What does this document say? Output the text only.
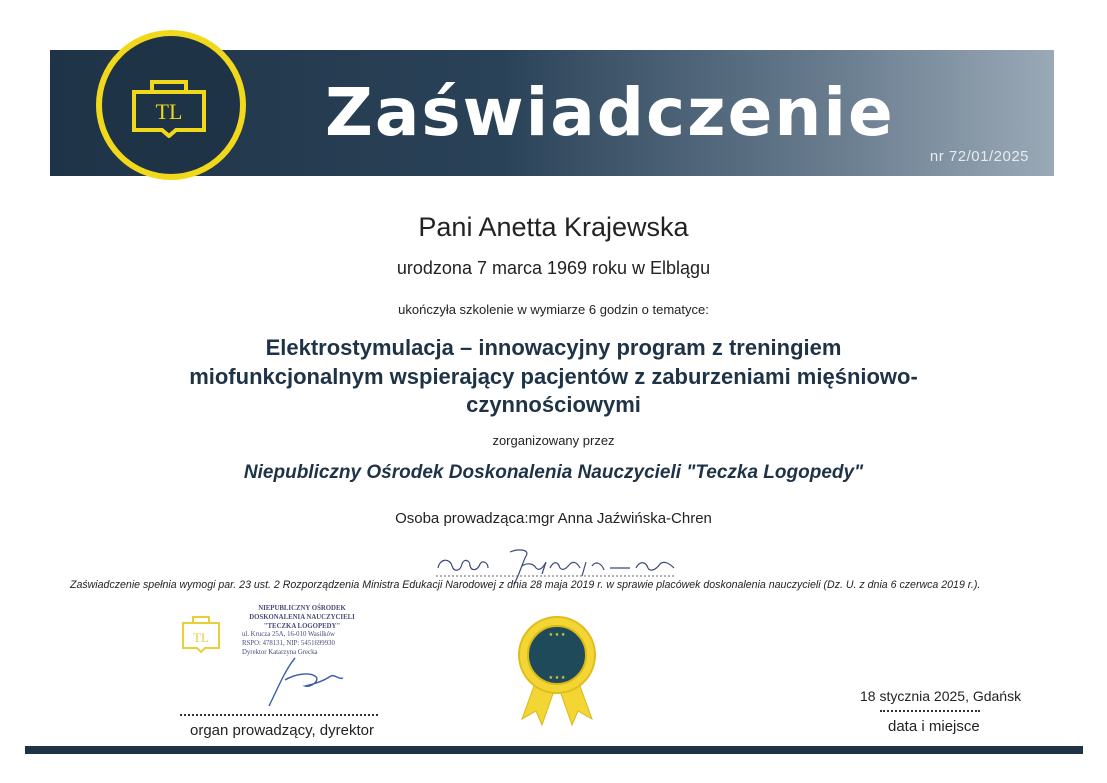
TL Zaświadczenie
nr 72/01/2025
Pani Anetta Krajewska
urodzona 7 marca 1969 roku w Elblągu
ukończyła szkolenie w wymiarze 6 godzin o tematyce:
Elektrostymulacja – innowacyjny program z treningiem
miofunkcjonalnym wspierający pacjentów z zaburzeniami mięśniowo-
czynnościowymi
zorganizowany przez
Niepubliczny Ośrodek Doskonalenia Nauczycieli "Teczka Logopedy"
Osoba prowadząca:mgr Anna Jaźwińska-Chren
Zaświadczenie spełnia wymogi par. 23 ust. 2 Rozporządzenia Ministra Edukacji Narodowej z dnia 28 maja 2019 r. w sprawie placówek doskonalenia nauczycieli (Dz. U. z dnia 6 czerwca 2019 r.).
TL
NIEPUBLICZNY OŚRODEK
DOSKONALENIA NAUCZYCIELI
"TECZKA LOGOPEDY"
ul. Krucza 25A, 16-010 Wasilków
RSPO: 478131, NIP: 5451699930
Dyrektor Katarzyna Grecka
★ ★ ★
★ ★ ★
organ prowadzący, dyrektor
18 stycznia 2025, Gdańsk
data i miejsce
